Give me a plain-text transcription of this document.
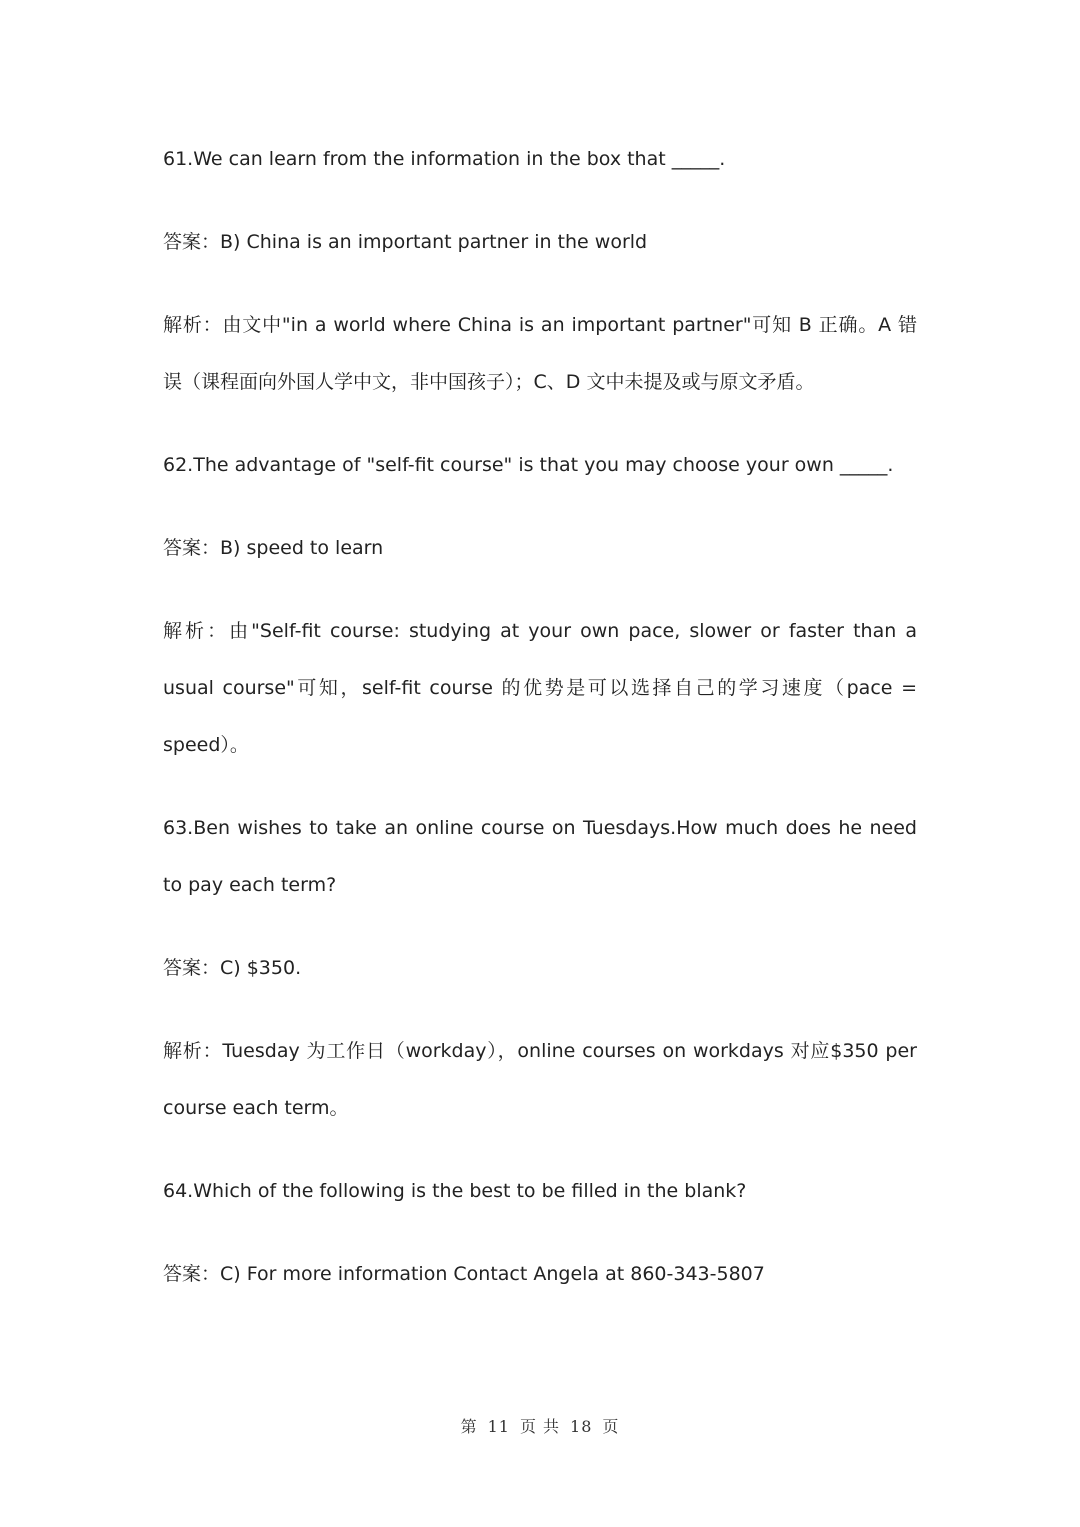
61.We can learn from the information in the box that _____.
答案：B) China is an important partner in the world
解析：由文中"in a world where China is an important partner"可知 B 正确。A 错误（课程面向外国人学中文，非中国孩子）；C、D 文中未提及或与原文矛盾。
62.The advantage of "self-fit course" is that you may choose your own _____.
答案：B) speed to learn
解析：由"Self-fit course: studying at your own pace, slower or faster than a usual course"可知，self-fit course 的优势是可以选择自己的学习速度（pace = speed）。
63.Ben wishes to take an online course on Tuesdays.How much does he need to pay each term?
答案：C) $350.
解析：Tuesday 为工作日（workday），online courses on workdays 对应$350 per course each term。
64.Which of the following is the best to be filled in the blank?
答案：C) For more information Contact Angela at 860-343-5807
第 11 页 共 18 页
